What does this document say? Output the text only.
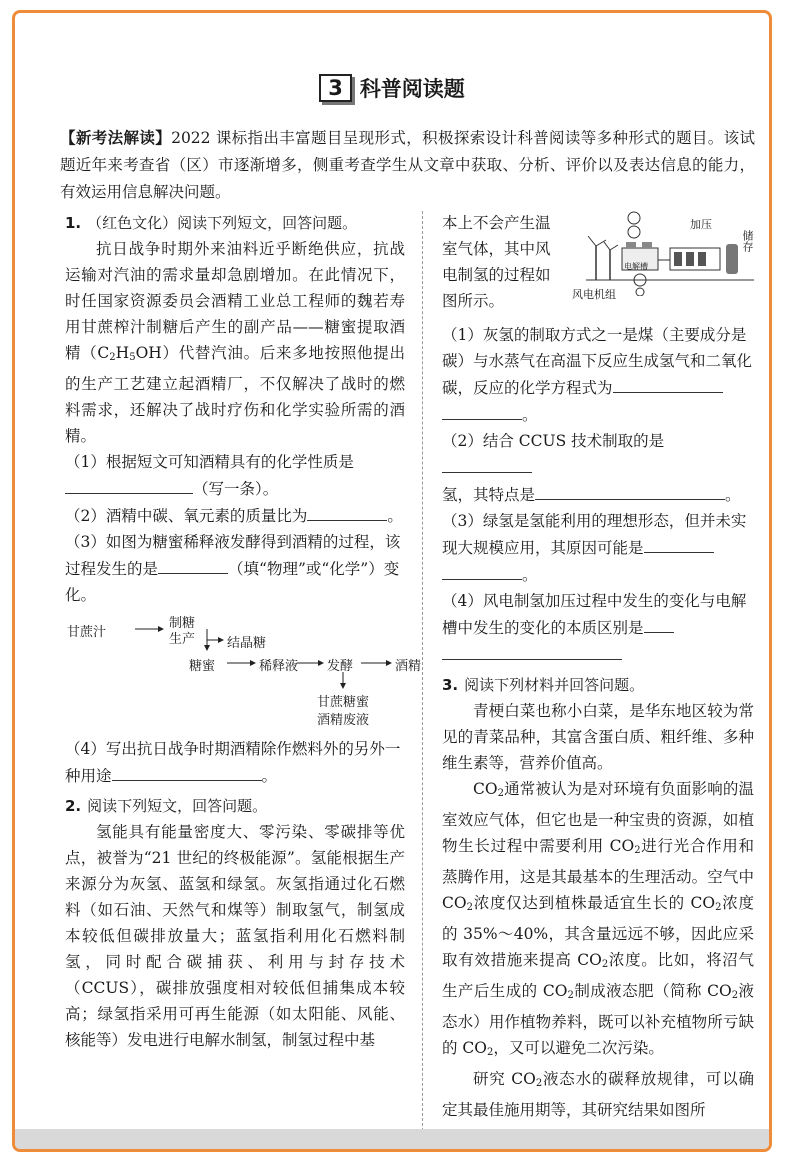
3 科普阅读题
【新考法解读】2022 课标指出丰富题目呈现形式，积极探索设计科普阅读等多种形式的题目。该试题近年来考查省（区）市逐渐增多，侧重考查学生从文章中获取、分析、评价以及表达信息的能力，有效运用信息解决问题。

1. （红色文化）阅读下列短文，回答问题。

抗日战争时期外来油料近乎断绝供应，抗战运输对汽油的需求量却急剧增加。在此情况下，时任国家资源委员会酒精工业总工程师的魏若寿用甘蔗榨汁制糖后产生的副产品——糖蜜提取酒精$(C_2H_5OH)$代替汽油。后来多地按照他提出的生产工艺建立起酒精厂，不仅解决了战时的燃料需求，还解决了战时疗伤和化学实验所需的酒精。

（1）根据短文可知酒精具有的化学性质是（写一条）。

（2）酒精中碳、氧元素的质量比为	。

（3）如图为糖蜜稀释液发酵得到酒精的过程，该过程发生的是	（填“物理”或“化学”）变化。

甘蔗汁
制糖
生产 结晶糖
糖蜜	稀释液 发酵	酒精
甘蔗糖蜜
酒精废液

（4）写出抗日战争时期酒精除作燃料外的另外一种用途	。

2. 阅读下列短文，回答问题。

氢能具有能量密度大、零污染、零碳排等优点，被誉为“21 世纪的终极能源”。氢能根据生产来源分为灰氢、蓝氢和绿氢。灰氢指通过化石燃料（如石油、天然气和煤等）制取氢气，制氢成本较低但碳排放量大；蓝氢指利用化石燃料制氢，同时配合碳捕获、利用与封存技术（CCUS），碳排放强度相对较低但捕集成本较高；绿氢指采用可再生能源（如太阳能、风能、核能等）发电进行电解水制氢，制氢过程中基

本上不会产生温室气体，其中风电制氢的过程如图所示。

加压
储存
风电机组
电解槽

（1）灰氢的制取方式之一是煤（主要成分是碳）与水蒸气在高温下反应生成氢气和二氧化碳，反应的化学方程式为
。

（2）结合 CCUS 技术制取的是
氢，其特点是	。

（3）绿氢是氢能利用的理想形态，但并未实现大规模应用，其原因可能是
。

（4）风电制氢加压过程中发生的变化与电解槽中发生的变化的本质区别是

3. 阅读下列材料并回答问题。

青梗白菜也称小白菜，是华东地区较为常见的青菜品种，其富含蛋白质、粗纤维、多种维生素等，营养价值高。

$CO_2$通常被认为是对环境有负面影响的温室效应气体，但它也是一种宝贵的资源，如植物生长过程中需要利用 $CO_2$进行光合作用和蒸腾作用，这是其最基本的生理活动。空气中 $CO_2$浓度仅达到植株最适宜生长的 $CO_2$浓度的 35%～40%，其含量远远不够，因此应采取有效措施来提高 $CO_2$浓度。比如，将沼气生产后生成的 $CO_2$制成液态肥（简称 $CO_2$液态水）用作植物养料，既可以补充植物所亏缺的 $CO_2$，又可以避免二次污染。

研究 $CO_2$液态水的碳释放规律，可以确定其最佳施用期等，其研究结果如图所
